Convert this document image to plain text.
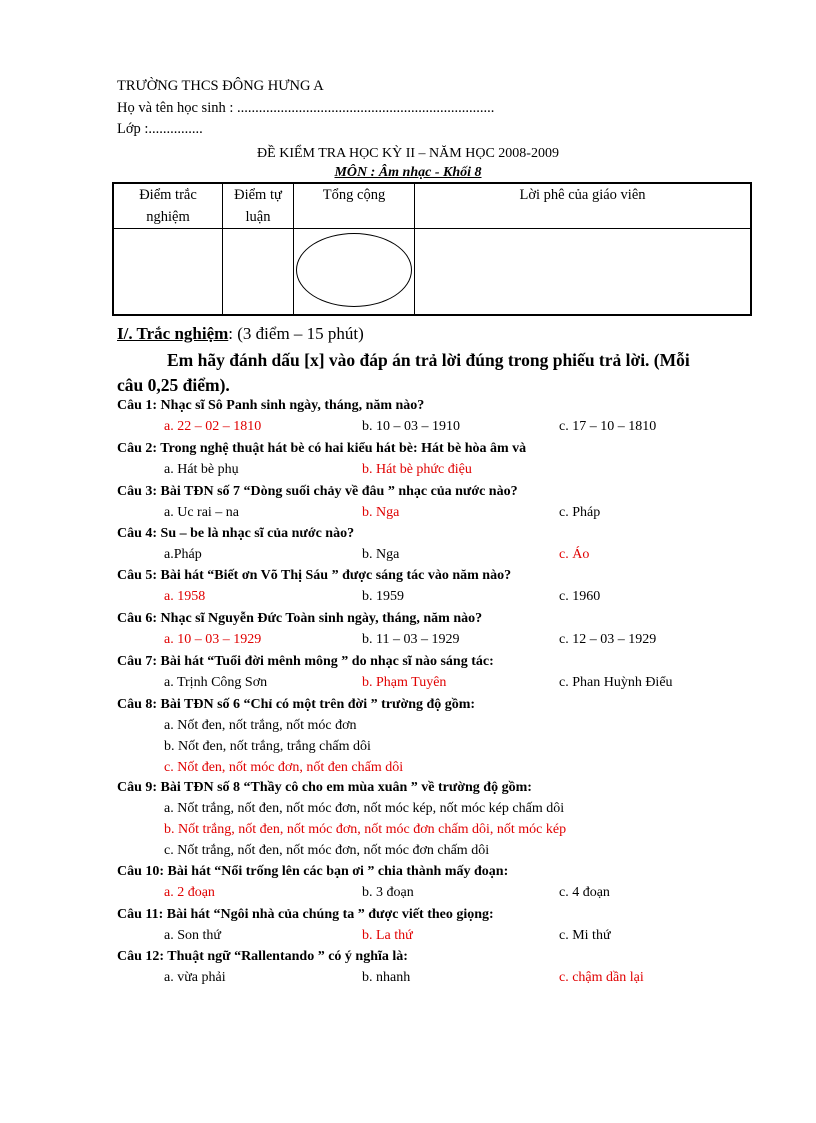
TRƯỜNG THCS ĐÔNG HƯNG A
Họ và tên học sinh : .......................................................................
Lớp :...............
ĐỀ KIỂM TRA HỌC KỲ II – NĂM HỌC 2008-2009
MÔN : Âm nhạc - Khối 8
Điểm trắc nghiệm	Điểm tự luận	Tổng cộng	Lời phê của giáo viên

I/. Trắc nghiệm: (3 điểm – 15 phút)
Em hãy đánh dấu [x] vào đáp án trả lời đúng trong phiếu trả lời. (Mỗi câu 0,25 điểm).
Câu 1: Nhạc sĩ Sô Panh sinh ngày, tháng, năm nào?
a. 22 – 02 – 1810	b. 10 – 03 – 1910	c. 17 – 10 – 1810
Câu 2: Trong nghệ thuật hát bè có hai kiểu hát bè: Hát bè hòa âm và
a. Hát bè phụ	b. Hát bè phức điệu
Câu 3: Bài TĐN số 7 “Dòng suối chảy về đâu ” nhạc của nước nào?
a. Uc rai – na	b. Nga	c. Pháp
Câu 4: Su – be là nhạc sĩ của nước nào?
a.Pháp	b. Nga	c. Áo
Câu 5: Bài hát “Biết ơn Võ Thị Sáu ” được sáng tác vào năm nào?
a. 1958	b. 1959	c. 1960
Câu 6: Nhạc sĩ Nguyễn Đức Toàn sinh ngày, tháng, năm nào?
a. 10 – 03 – 1929	b. 11 – 03 – 1929	c. 12 – 03 – 1929
Câu 7: Bài hát “Tuổi đời mênh mông ” do nhạc sĩ nào sáng tác:
a. Trịnh Công Sơn	b. Phạm Tuyên	c. Phan Huỳnh Điểu
Câu 8: Bài TĐN số 6 “Chỉ có một trên đời ” trường độ gồm:
a. Nốt đen, nốt trắng, nốt móc đơn
b. Nốt đen, nốt trắng, trắng chấm dôi
c. Nốt đen, nốt móc đơn, nốt đen chấm dôi
Câu 9: Bài TĐN số 8 “Thầy cô cho em mùa xuân ” về trường độ gồm:
a. Nốt trắng, nốt đen, nốt móc đơn, nốt móc kép, nốt móc kép chấm dôi
b. Nốt trắng, nốt đen, nốt móc đơn, nốt móc đơn chấm dôi, nốt móc kép
c. Nốt trắng, nốt đen, nốt móc đơn, nốt móc đơn chấm dôi
Câu 10: Bài hát “Nổi trống lên các bạn ơi ” chia thành mấy đoạn:
a. 2 đoạn	b. 3 đoạn	c. 4 đoạn
Câu 11: Bài hát “Ngôi nhà của chúng ta ” được viết theo giọng:
a. Son thứ	b. La thứ	c. Mi thứ
Câu 12: Thuật ngữ “Rallentando ” có ý nghĩa là:
a. vừa phải	b. nhanh	c. chậm dần lại
